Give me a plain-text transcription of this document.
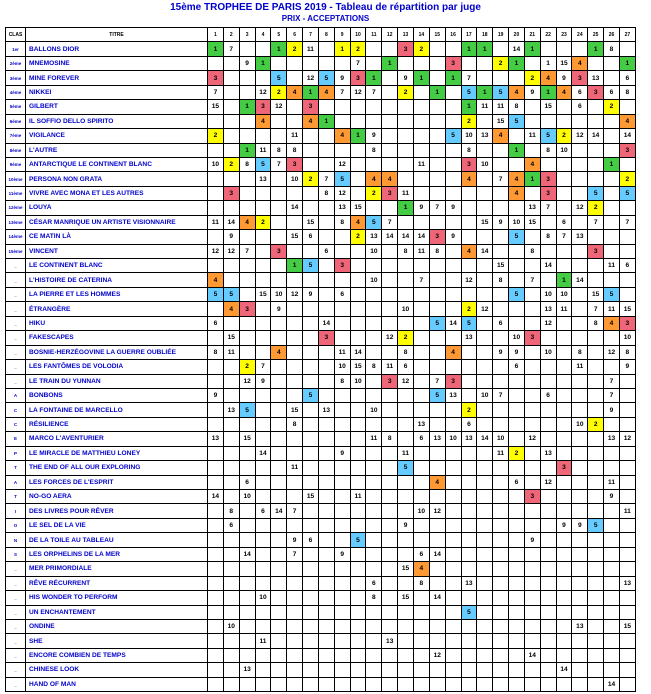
15ème TROPHEE DE PARIS 2019 - Tableau de répartition par juge
PRIX - ACCEPTATIONS
CLAS	TITRE	1	2	3	4	5	6	7	8	9	10	11	12	13	14	15	16	17	18	19	20	21	22	23	24	25	26	27
1er	BALLONS DIOR	1	7			1	2	11		1	2			3	2			1	1		14	1				1	8	
2ème	MNEMOSINE			9	1						7		1				3			2	1		1	15	4			1
3ème	MINE FOREVER	3				5		12	5	9	3	1		9	1		1	7				2	4	9	3	13		6
4ème	NIKKEI	7			12	2	4	1	4	7	12	7		2		1		5	1	5	4	9	1	4	6	3	6	8
5ème	GILBERT	15		1	3	12		3										1	11	11	8		15		6		2	
6ème	IL SOFFIO DELLO SPIRITO				4			4	1									2		15	5							4
7ème	VIGILANCE	2					11			4	1	9					5	10	13	4		11	5	2	12	14		14
8ème	L'AUTRE			1	11	8	8					8						8			1		8	10				3
9ème	ANTARCTIQUE LE CONTINENT BLANC	10	2	8	5	7	3			12					11			3	10			4					1	
10ème	PERSONA NON GRATA				13		10	2	7	5		4	4					4		7	4	1	3					2
11ème	VIVRE AVEC MONA ET LES AUTRES		3						8	12		2	3	11							4		3			5		5
12ème	LOUYA						14			13	15			1	9	7	9					13	7		12	2		
13ème	CÉSAR MANRIQUE UN ARTISTE VISIONNAIRE	11	14	4	2			15		8	4	5	7						15	9	10	15		6		7		7
14ème	CE MATIN LÀ		9				15	6			2	13	14	14	14	3	9				5		8	7	13			
15ème	VINCENT	12	12	7		3			6			10		8	11	8		4	14			8				3		
_	LE CONTINENT BLANC						1	5		3										15			14				11	6
_	L'HISTOIRE DE CATERINA	4										10			7			12		8		7		1	14			
_	LA PIERRE ET LES HOMMES	5	5		15	10	12	9		6											5		10	10		15	5	
_	ÉTRANGÈRE		4	3		9								10				2	12				13	11		7	11	15
_	HIKU	6							14							5	14	5		6			12			8	4	3
_	FAKESCAPES		15						3				12	2				13			10	3						10
_	BOSNIE-HERZÉGOVINE LA GUERRE OUBLIÉE	8	11			4				11	14			8			4			9	9		10		8		12	8
_	LES FANTÔMES DE VOLODIA			2	7					10	15	8	11	6							6				11			9
_	LE TRAIN DU YUNNAN			12	9					8	10		3	12		7	3										7	
A	BONBONS	9						5								5	13		10	7			6				7	
C	LA FONTAINE DE MARCELLO		13	5			15		13			10						2									9	
C	RÉSILIENCE						8								13			6							10	2		
E	MARCO L'AVENTURIER	13		15								11	8		6	13	10	13	14	10		12					13	12
P	LE MIRACLE DE MATTHIEU LONEY				14					9				11						11	2		13					
T	THE END OF ALL OUR EXPLORING						11							5										3				
A	LES FORCES DE L'ESPRIT			6												4					6		12				11	
T	NO-GO AERA	14		10				15			11											3					9	
I	DES LIVRES POUR RÊVER		8		6	14	7								10	12												11
O	LE SEL DE LA VIE		6											9										9	9	5		
N	DE LA TOILE AU TABLEAU						9	6			5											9						
S	LES ORPHELINS DE LA MER			14			7			9					6	14												
_	MER PRIMORDIALE													15	4													
_	RÊVE RÉCURRENT											6			8			13										13
_	HIS WONDER TO PERFORM				10							8		15		14												
_	UN ENCHANTEMENT																	5										
_	ONDINE		10																						13			15
_	SHE				11								13															
_	ENCORE COMBIEN DE TEMPS															12						14						
_	CHINESE LOOK			13																				14				
_	HAND OF MAN																										14	
